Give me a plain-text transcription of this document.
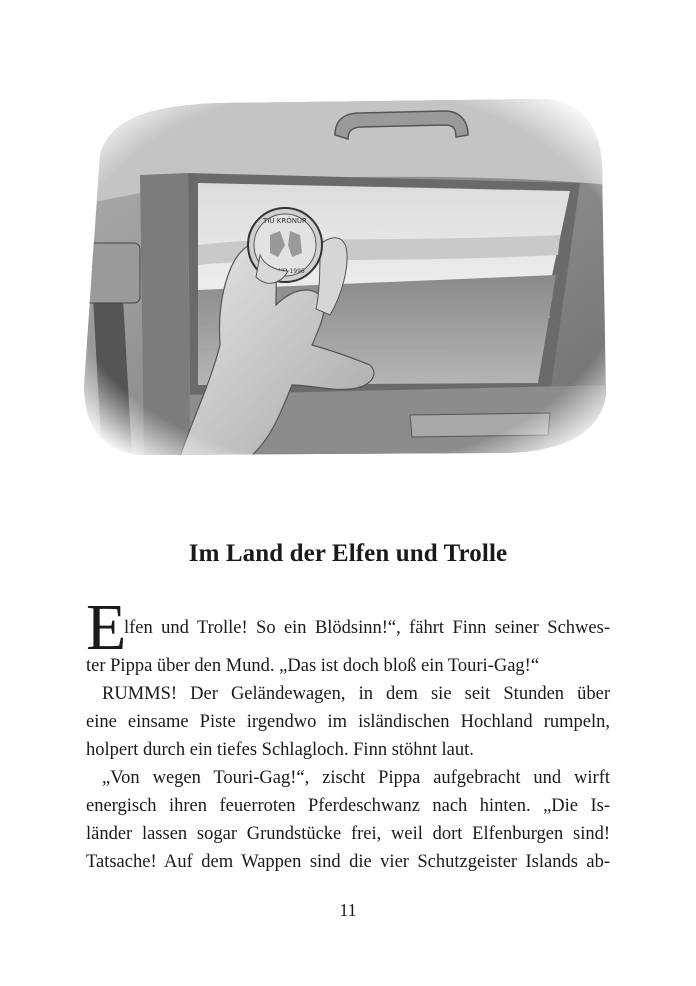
Im Land der Elfen und Trolle
E
lfen und Trolle! So ein Blödsinn!“, fährt Finn seiner Schwes-
ter Pippa über den Mund. „Das ist doch bloß ein Touri-Gag!“
RUMMS! Der Geländewagen, in dem sie seit Stunden über
eine einsame Piste irgendwo im isländischen Hochland rumpeln,
holpert durch ein tiefes Schlagloch. Finn stöhnt laut.
„Von wegen Touri-Gag!“, zischt Pippa aufgebracht und wirft
energisch ihren feuerroten Pferdeschwanz nach hinten. „Die Is-
länder lassen sogar Grundstücke frei, weil dort Elfenburgen sind!
Tatsache! Auf dem Wappen sind die vier Schutzgeister Islands ab-
11
